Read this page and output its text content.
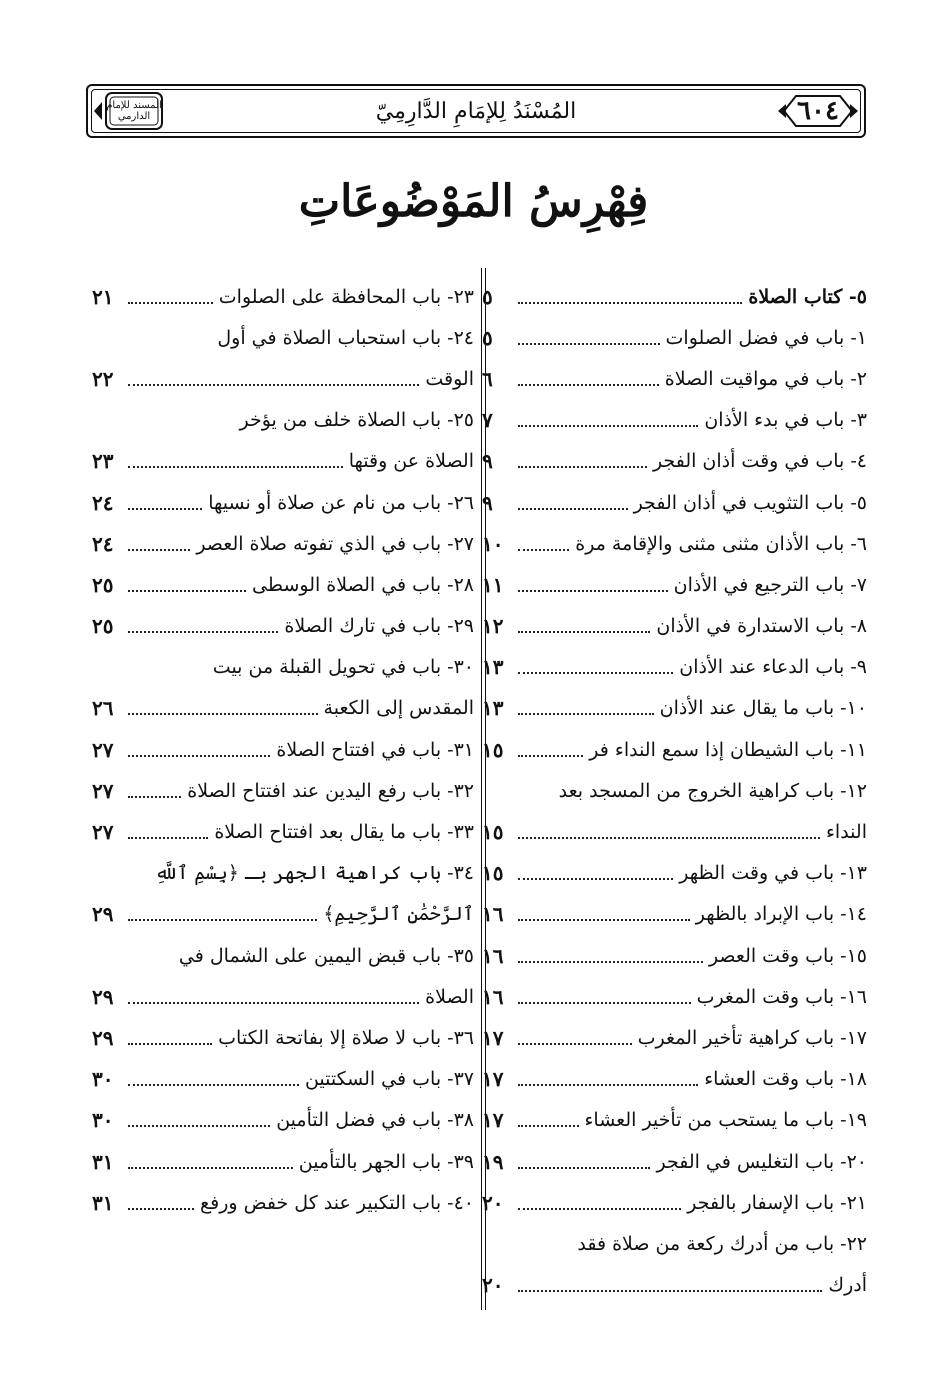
٦٠٤
المُسْنَدُ لِلإمَامِ الدَّارِمِيّ
المسند للإمام الدارمي
فِهْرِسُ المَوْضُوعَاتِ
٥- كتاب الصلاة
٥
١- باب في فضل الصلوات
٥
٢- باب في مواقيت الصلاة
٦
٣- باب في بدء الأذان
٧
٤- باب في وقت أذان الفجر
٩
٥- باب التثويب في أذان الفجر
٩
٦- باب الأذان مثنى مثنى والإقامة مرة
١٠
٧- باب الترجيع في الأذان
١١
٨- باب الاستدارة في الأذان
١٢
٩- باب الدعاء عند الأذان
١٣
١٠- باب ما يقال عند الأذان
١٣
١١- باب الشيطان إذا سمع النداء فر
١٥
١٢- باب كراهية الخروج من المسجد بعد
النداء
١٥
١٣- باب في وقت الظهر
١٥
١٤- باب الإبراد بالظهر
١٦
١٥- باب وقت العصر
١٦
١٦- باب وقت المغرب
١٦
١٧- باب كراهية تأخير المغرب
١٧
١٨- باب وقت العشاء
١٧
١٩- باب ما يستحب من تأخير العشاء
١٧
٢٠- باب التغليس في الفجر
١٩
٢١- باب الإسفار بالفجر
٢٠
٢٢- باب من أدرك ركعة من صلاة فقد
أدرك
٢٠
٢٣- باب المحافظة على الصلوات
٢١
٢٤- باب استحباب الصلاة في أول
الوقت
٢٢
٢٥- باب الصلاة خلف من يؤخر
الصلاة عن وقتها
٢٣
٢٦- باب من نام عن صلاة أو نسيها
٢٤
٢٧- باب في الذي تفوته صلاة العصر
٢٤
٢٨- باب في الصلاة الوسطى
٢٥
٢٩- باب في تارك الصلاة
٢٥
٣٠- باب في تحويل القبلة من بيت
المقدس إلى الكعبة
٢٦
٣١- باب في افتتاح الصلاة
٢٧
٣٢- باب رفع اليدين عند افتتاح الصلاة
٢٧
٣٣- باب ما يقال بعد افتتاح الصلاة
٢٧
٣٤- باب كراهية الجهر بـ ﴿بِسْمِ ٱللَّهِ
ٱلرَّحْمَٰنِ ٱلرَّحِيمِ﴾
٢٩
٣٥- باب قبض اليمين على الشمال في
الصلاة
٢٩
٣٦- باب لا صلاة إلا بفاتحة الكتاب
٢٩
٣٧- باب في السكتتين
٣٠
٣٨- باب في فضل التأمين
٣٠
٣٩- باب الجهر بالتأمين
٣١
٤٠- باب التكبير عند كل خفض ورفع
٣١
